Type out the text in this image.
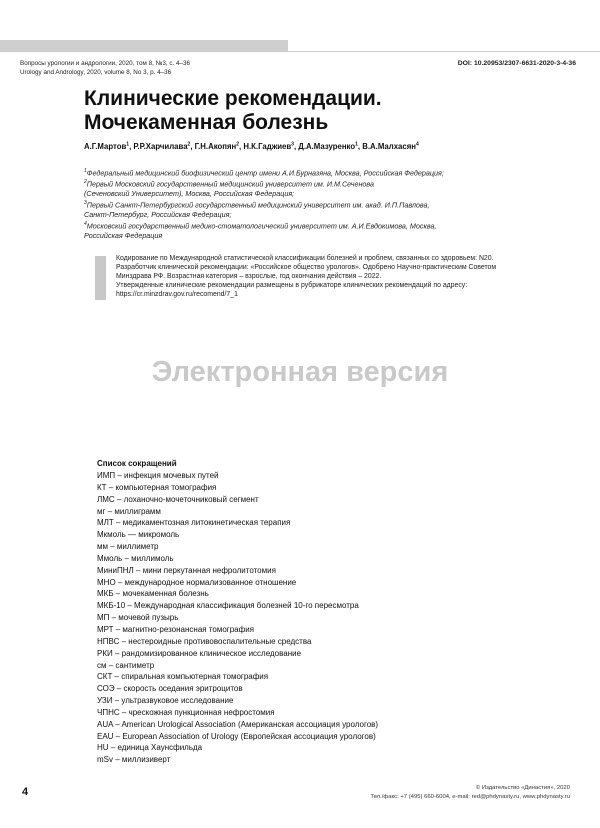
Вопросы урологии и андрологии, 2020, том 8, №3, с. 4–36
Urology and Andrology, 2020, volume 8, No 3, p. 4–36
DOI: 10.20953/2307-6631-2020-3-4-36
Клинические рекомендации.
Мочекаменная болезнь
А.Г.Мартов$^1$, Р.Р.Харчилава$^2$, Г.Н.Акопян$^2$, Н.К.Гаджиев$^3$, Д.А.Мазуренко$^1$, В.А.Малхасян$^4$
$^1$Федеральный медицинский биофизический центр имени А.И.Бурназяна, Москва, Российская Федерация;
$^2$Первый Московский государственный медицинский университет им. И.М.Сеченова
(Сеченовский Университет), Москва, Российская Федерация;
$^3$Первый Санкт-Петербургский государственный медицинский университет им. акад. И.П.Павлова,
Санкт-Петербург, Российская Федерация;
$^4$Московский государственный медико-стоматологический университет им. А.И.Евдокимова, Москва,
Российская Федерация

Кодирование по Международной статистической классификации болезней и проблем, связанных со здоровьем: N20.
Разработчик клинической рекомендации: «Российское общество урологов». Одобрено Научно-практическим Советом
Минздрава РФ. Возрастная категория – взрослые, год окончания действия – 2022.

Утвержденные клинические рекомендации размещены в рубрикаторе клинических рекомендаций по адресу:
https://cr.minzdrav.gov.ru/recomend/7_1

Электронная версия
Список сокращений
ИМП – инфекция мочевых путей
КТ – компьютерная томография
ЛМС – лоханочно-мочеточниковый сегмент
мг – миллиграмм
МЛТ – медикаментозная литокинетическая терапия
Мкмоль — микромоль
мм – миллиметр
Ммоль – миллимоль
МиниПНЛ – мини перкутанная нефролитотомия
МНО – международное нормализованное отношение
МКБ – мочекаменная болезнь
МКБ-10 – Международная классификация болезней 10-го пересмотра
МП – мочевой пузырь
МРТ – магнитно-резонансная томография
НПВС – нестероидные противовоспалительные средства
РКИ – рандомизированное клиническое исследование
см – сантиметр
СКТ – спиральная компьютерная томография
СОЭ – скорость оседания эритроцитов
УЗИ – ультразвуковое исследование
ЧПНС – чрескожная пункционная нефростомия
AUA – American Urological Association (Американская ассоциация урологов)
EAU – European Association of Urology (Европейская ассоциация урологов)
HU – единица Хаунсфильда
mSv – миллизиверт
4	© Издательство «Династия», 2020
Тел./факс: +7 (495) 660-6004, e-mail: red@phdynasty.ru, www.phdynasty.ru
